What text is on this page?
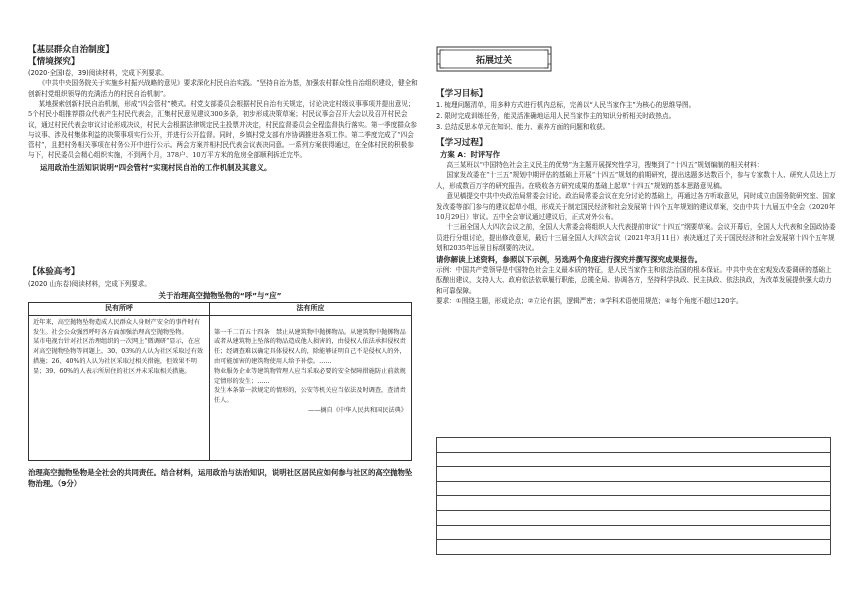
【基层群众自治制度】
【情境探究】

(2020·全国Ⅰ卷，39)阅读材料，完成下列要求。

《中共中央国务院关于实施乡村振兴战略的意见》要求深化村民自治实践。“坚持自治为基，加强农村群众性自治组织建设，健全和创新村党组织领导的充满活力的村民自治机制”。

某地探索创新村民自治机制，形成“四会管村”模式。村党支部委员会根据村民自治有关规定，讨论决定村级议事事项并提出意见；5个村民小组推荐群众代表产生村民代表会，汇集村民意见建议300多条，初步形成决策草案；村民议事会召开大会以及召开村民会议，通过村民代表会审议讨论形成决议，村民大会根据法律规定民主投票并决定，村民监督委员会全程监督执行落实。第一季度群众参与议事、涉及村集体利益的决策事项实行公开，并进行公开监督。同时，乡镇村党支部有序协调推进各项工作。第二季度完成了“四会管村”，且把村务相关事项在村务公开中进行公示。两会方案并相村民代表会议表决同意。一系列方案获得通过，在全体村民的积极参与下，村民委员会精心组织实施，不到两个月，378户、10万平方米的危房全部顺利拆迁完毕。

运用政治生活知识说明“四会管村”实现村民自治的工作机制及其意义。
【体验高考】

(2020 山东卷)阅读材料，完成下列要求。

关于治理高空抛物坠物的“呼”与“应”
民有所呼	法有所应
近年来，高空抛物坠物造成人民群众人身财产安全的事件时有发生。社会公众强烈呼吁各方面加强治理高空抛物坠物。
某市电视台针对社区治理组织的一次网上“微调研”显示，在应对高空抛物坠物等问题上，30、03%的人认为社区采取过有效措施；26、40%的人认为社区采取过相关措施，但效果不明显；39、60%的人表示所居住的社区并未采取相关措施。	第一千二百五十四条　禁止从建筑物中抛掷物品。从建筑物中抛掷物品或者从建筑物上坠落的物品造成他人损害的，由侵权人依法承担侵权责任；经调查难以确定具体侵权人的，除能够证明自己不是侵权人的外，由可能加害的建筑物使用人给予补偿。……
物业服务企业等建筑物管理人应当采取必要的安全保障措施防止前款规定情形的发生；……
发生本条第一款规定的情形的，公安等机关应当依法及时调查，查清责任人。

——摘自《中华人民共和国民法典》

治理高空抛物坠物是全社会的共同责任。结合材料，运用政治与法治知识，说明社区居民应如何参与社区的高空抛物坠物治理。（9分）
拓展过关
【学习目标】

1. 梳理问题清单，用多种方式进行机内总标，完善以“人民当家作主”为核心的思维导图。

2. 限时完成训练任务，能灵活准确地运用人民当家作主的知识分析相关时政热点。

3. 总结反思本单元在知识、能力、素养方面的问题和收获。

【学习过程】
方案 A：时评写作

高三某班以“中国特色社会主义民主的优势”为主题开展探究性学习，搜集到了“十四五”规划编制的相关材料：

国家发改委在“十三五”规划中期评估的基础上开展“十四五”规划的前期研究，提出选题多达数百个，参与专家数十人、研究人员达上万人，形成数百万字的研究报告。在吸收各方研究成果的基础上起草“十四五”规划的基本思路意见稿。

意见稿提交中共中央政治局常委会讨论。政治局常委会议在充分讨论的基础上，再通过各方听取意见，同时成立由国务院研究室、国家发改委等部门参与的建议起草小组，形成关于制定国民经济和社会发展第十四个五年规划的建议草案，交由中共十九届五中全会（2020年10月29日）审议。五中全会审议通过建议后，正式对外公布。

十三届全国人大四次会议之前，全国人大常委会将组织人大代表提前审议“十四五”纲要草案。会议开幕后，全国人大代表和全国政协委员进行分组讨论，提出修改意见，最后十三届全国人大四次会议（2021年3月11日）表决通过了关于国民经济和社会发展第十四个五年规划和2035年远景目标纲要的决议。

请你解读上述资料，参照以下示例，另选两个角度进行探究并撰写探究成果报告。

示例：中国共产党领导是中国特色社会主义最本质的特征，是人民当家作主和依法治国的根本保证。中共中央在宏观发改委调研的基础上酝酿出建议，支持人大、政府依法依章履行职能，总揽全局、协调各方，坚持科学执政、民主执政、依法执政，为改革发展提供强大动力和可靠保障。

要求：①围绕主题，形成论点；②立论有据，逻辑严密；③学科术语使用规范；④每个角度不超过120字。
